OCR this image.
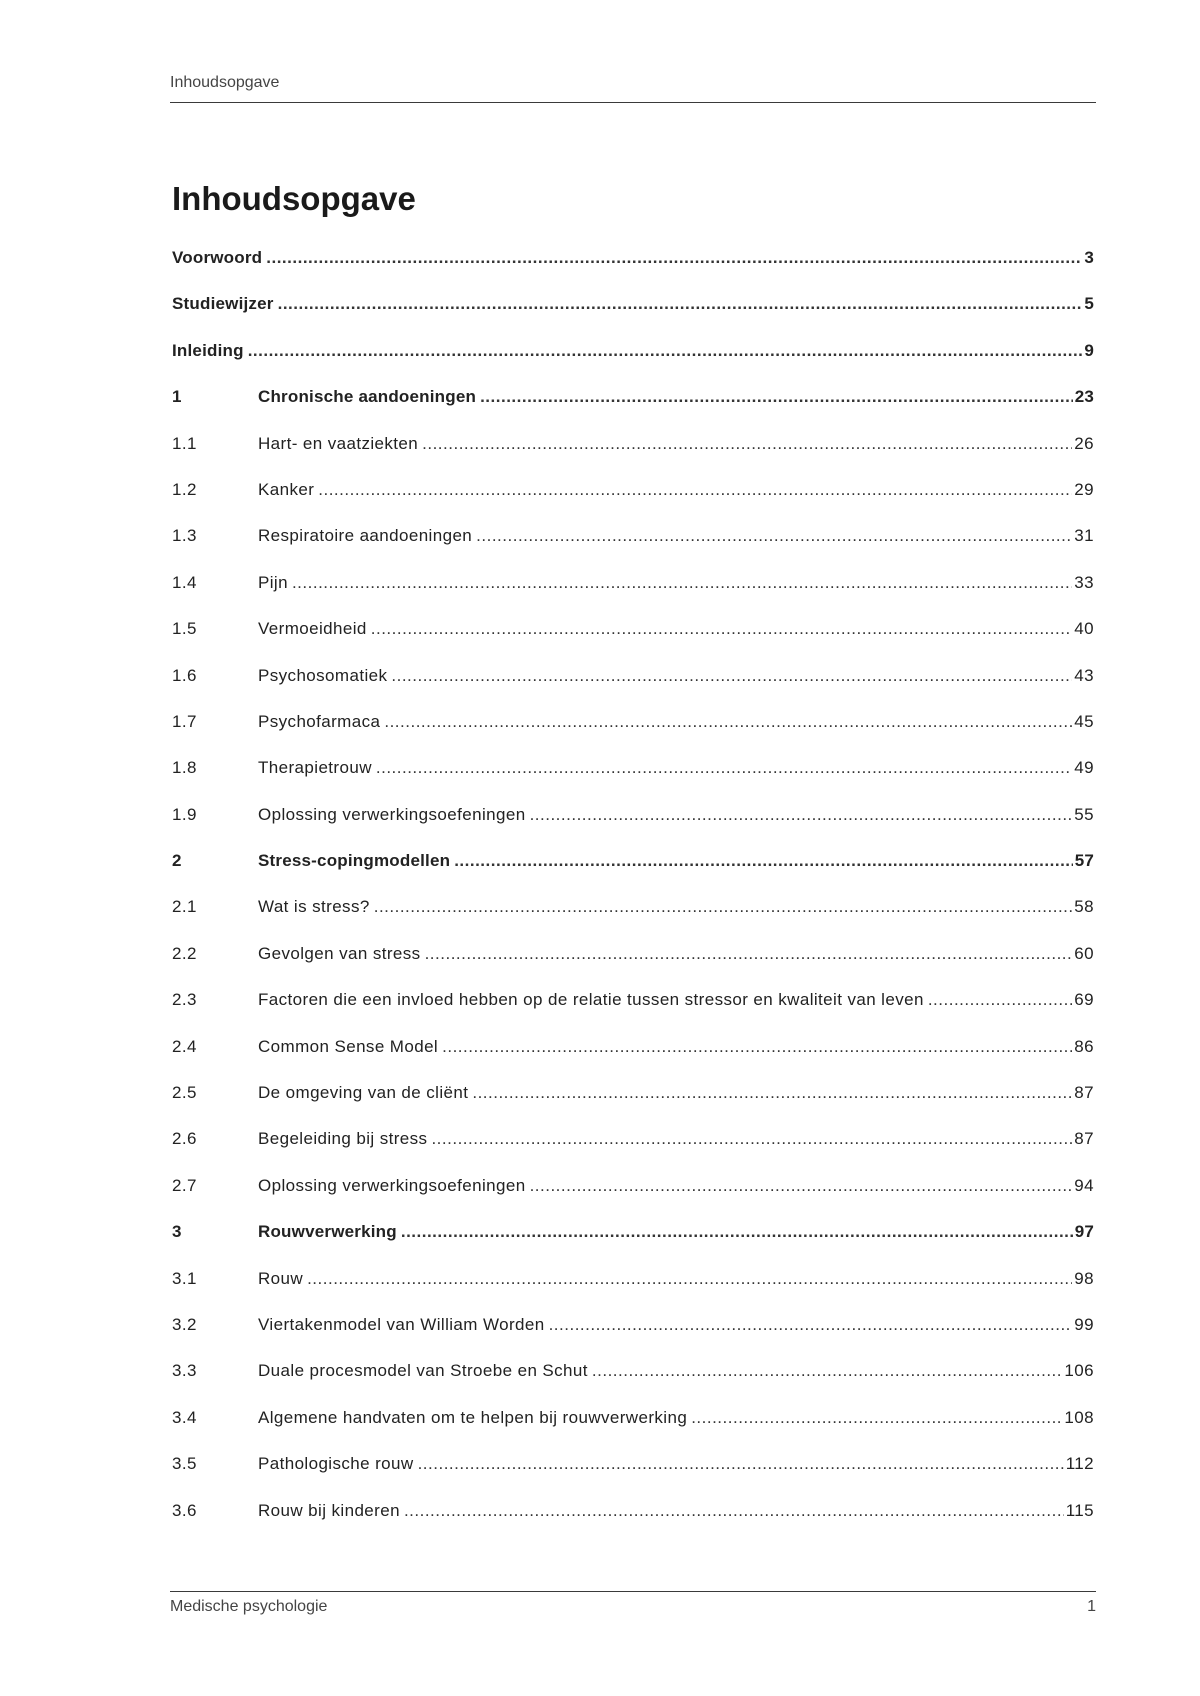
Inhoudsopgave
Inhoudsopgave
Voorwoord .....	3
Studiewijzer .....	5
Inleiding .....	9
1	Chronische aandoeningen .....	23
1.1	Hart- en vaatziekten .....	26
1.2	Kanker .....	29
1.3	Respiratoire aandoeningen .....	31
1.4	Pijn .....	33
1.5	Vermoeidheid .....	40
1.6	Psychosomatiek .....	43
1.7	Psychofarmaca .....	45
1.8	Therapietrouw .....	49
1.9	Oplossing verwerkingsoefeningen .....	55
2	Stress-copingmodellen .....	57
2.1	Wat is stress? .....	58
2.2	Gevolgen van stress .....	60
2.3	Factoren die een invloed hebben op de relatie tussen stressor en kwaliteit van leven .....	69
2.4	Common Sense Model .....	86
2.5	De omgeving van de cliënt .....	87
2.6	Begeleiding bij stress .....	87
2.7	Oplossing verwerkingsoefeningen .....	94
3	Rouwverwerking .....	97
3.1	Rouw .....	98
3.2	Viertakenmodel van William Worden .....	99
3.3	Duale procesmodel van Stroebe en Schut .....	106
3.4	Algemene handvaten om te helpen bij rouwverwerking .....	108
3.5	Pathologische rouw .....	112
3.6	Rouw bij kinderen .....	115
Medische psychologie	1
